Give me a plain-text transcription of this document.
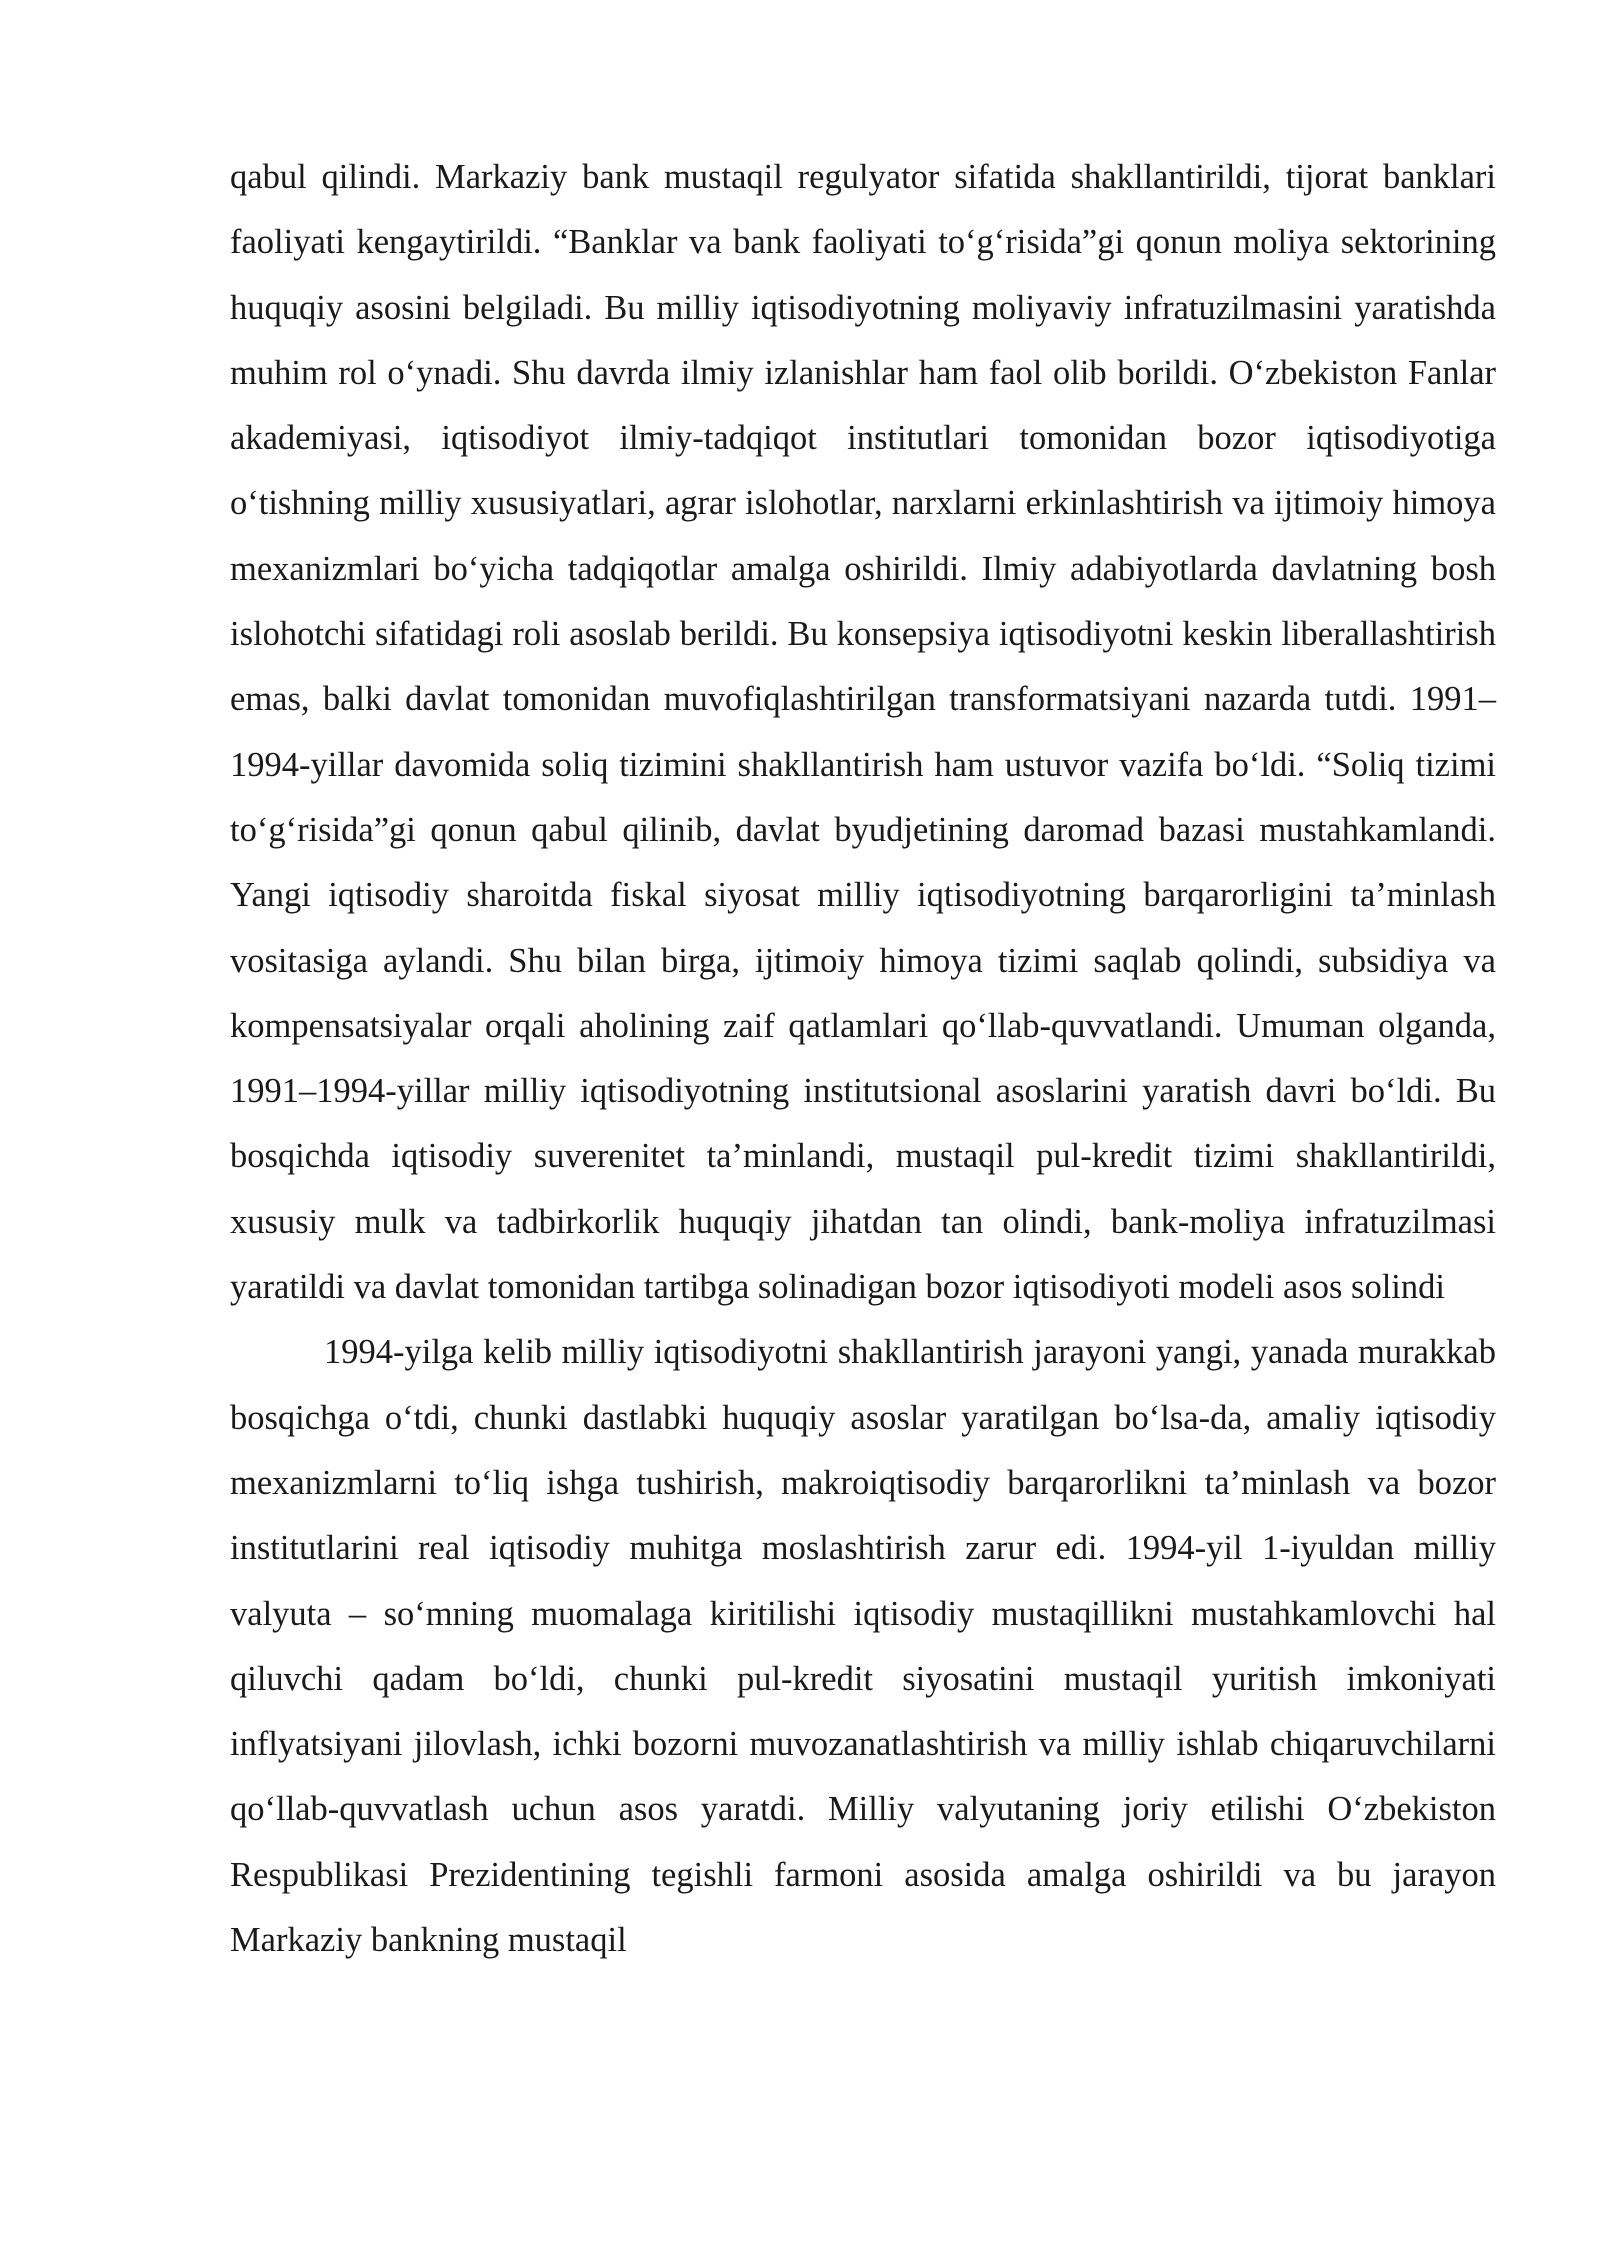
qabul qilindi. Markaziy bank mustaqil regulyator sifatida shakllantirildi, tijorat banklari faoliyati kengaytirildi. “Banklar va bank faoliyati to‘g‘risida”gi qonun moliya sektorining huquqiy asosini belgiladi. Bu milliy iqtisodiyotning moliyaviy infratuzilmasini yaratishda muhim rol o‘ynadi. Shu davrda ilmiy izlanishlar ham faol olib borildi. O‘zbekiston Fanlar akademiyasi, iqtisodiyot ilmiy-tadqiqot institutlari tomonidan bozor iqtisodiyotiga o‘tishning milliy xususiyatlari, agrar islohotlar, narxlarni erkinlashtirish va ijtimoiy himoya mexanizmlari bo‘yicha tadqiqotlar amalga oshirildi. Ilmiy adabiyotlarda davlatning bosh islohotchi sifatidagi roli asoslab berildi. Bu konsepsiya iqtisodiyotni keskin liberallashtirish emas, balki davlat tomonidan muvofiqlashtirilgan transformatsiyani nazarda tutdi. 1991–1994-yillar davomida soliq tizimini shakllantirish ham ustuvor vazifa bo‘ldi. “Soliq tizimi to‘g‘risida”gi qonun qabul qilinib, davlat byudjetining daromad bazasi mustahkamlandi. Yangi iqtisodiy sharoitda fiskal siyosat milliy iqtisodiyotning barqarorligini ta’minlash vositasiga aylandi. Shu bilan birga, ijtimoiy himoya tizimi saqlab qolindi, subsidiya va kompensatsiyalar orqali aholining zaif qatlamlari qo‘llab-quvvatlandi. Umuman olganda, 1991–1994-yillar milliy iqtisodiyotning institutsional asoslarini yaratish davri bo‘ldi. Bu bosqichda iqtisodiy suverenitet ta’minlandi, mustaqil pul-kredit tizimi shakllantirildi, xususiy mulk va tadbirkorlik huquqiy jihatdan tan olindi, bank-moliya infratuzilmasi yaratildi va davlat tomonidan tartibga solinadigan bozor iqtisodiyoti modeli asos solindi

1994-yilga kelib milliy iqtisodiyotni shakllantirish jarayoni yangi, yanada murakkab bosqichga o‘tdi, chunki dastlabki huquqiy asoslar yaratilgan bo‘lsa-da, amaliy iqtisodiy mexanizmlarni to‘liq ishga tushirish, makroiqtisodiy barqarorlikni ta’minlash va bozor institutlarini real iqtisodiy muhitga moslashtirish zarur edi. 1994-yil 1-iyuldan milliy valyuta – so‘mning muomalaga kiritilishi iqtisodiy mustaqillikni mustahkamlovchi hal qiluvchi qadam bo‘ldi, chunki pul-kredit siyosatini mustaqil yuritish imkoniyati inflyatsiyani jilovlash, ichki bozorni muvozanatlashtirish va milliy ishlab chiqaruvchilarni qo‘llab-quvvatlash uchun asos yaratdi. Milliy valyutaning joriy etilishi O‘zbekiston Respublikasi Prezidentining tegishli farmoni asosida amalga oshirildi va bu jarayon Markaziy bankning mustaqil
